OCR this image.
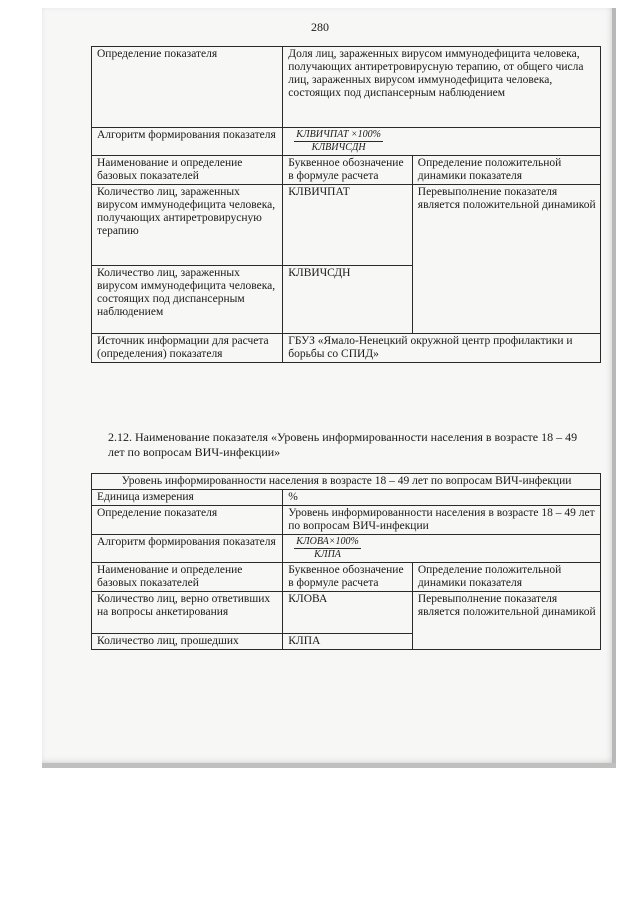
280
Определение показателя	Доля лиц, зараженных вирусом иммунодефицита человека, получающих антиретровирусную терапию, от общего числа лиц, зараженных вирусом иммунодефицита человека, состоящих под диспансерным наблюдением	
Алгоритм формирования показателя	$\frac{\text{КЛВИЧПАТ ×100\%}}{\text{КЛВИЧСДН}}$

Наименование и определение базовых показателей	Буквенное обозначение в формуле расчета	Определение положительной динамики показателя
Количество лиц, зараженных вирусом иммунодефицита человека, получающих антиретровирусную терапию	КЛВИЧПАТ	Перевыполнение показателя является положительной динамикой
Количество лиц, зараженных вирусом иммунодефицита человека, состоящих под диспансерным наблюдением	КЛВИЧСДН	
Источник информации для расчета (определения) показателя	ГБУЗ «Ямало-Ненецкий окружной центр профилактики и борьбы со СПИД»	
2.12. Наименование показателя «Уровень информированности населения в возрасте 18 – 49 лет по вопросам ВИЧ-инфекции»
Уровень информированности населения в возрасте 18 – 49 лет по вопросам ВИЧ-инфекции		
Единица измерения	%	
Определение показателя	Уровень информированности населения в возрасте 18 – 49 лет по вопросам ВИЧ-инфекции	
Алгоритм формирования показателя	$\frac{\text{КЛОВА×100\%}}{\text{КЛПА}}$

Наименование и определение базовых показателей	Буквенное обозначение в формуле расчета	Определение положительной динамики показателя
Количество лиц, верно ответивших на вопросы анкетирования	КЛОВА	Перевыполнение показателя является положительной динамикой
Количество лиц, прошедших	КЛПА	
